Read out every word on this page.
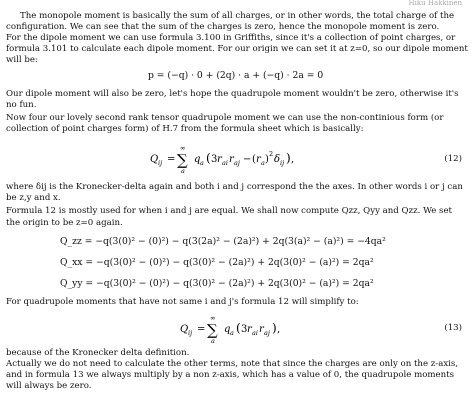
Hiku Hakkinen
The monopole moment is basically the sum of all charges, or in other words, the total charge of the
configuration. We can see that the sum of the charges is zero, hence the monopole moment is zero.
For the dipole moment we can use formula 3.100 in Griffiths, since it's a collection of point charges, or
formula 3.101 to calculate each dipole moment. For our origin we can set it at z=0, so our dipole moment
will be:
p = (−q) · 0 + (2q) · a + (−q) · 2a = 0
Our dipole moment will also be zero, let's hope the quadrupole moment wouldn't be zero, otherwise it's
no fun.
Now four our lovely second rank tensor quadrupole moment we can use the non-continious form (or
collection of point charges form) of H.7 from the formula sheet which is basically:
Q ij =
∞
∑
a
q a ( 3 r ai r aj − ( r a ) 2 δ ij ) ,	(12)
where δij is the Kronecker-delta again and both i and j correspond the the axes. In other words i or j can
be z,y and x.
Formula 12 is mostly used for when i and j are equal. We shall now compute Qzz, Qyy and Qzz. We set
the origin to be z=0 again.
Q_zz = −q(3(0)² − (0)²) − q(3(2a)² − (2a)²) + 2q(3(a)² − (a)²) = −4qa²
Q_xx = −q(3(0)² − (0)²) − q(3(0)² − (2a)²) + 2q(3(0)² − (a)²) = 2qa²
Q_yy = −q(3(0)² − (0)²) − q(3(0)² − (2a)²) + 2q(3(0)² − (a)²) = 2qa²
For quadrupole moments that have not same i and j's formula 12 will simplify to:
Q ij =
∞
∑
a
q a ( 3 r ai r aj ) ,	(13)
because of the Kronecker delta definition.
Actually we do not need to calculate the other terms, note that since the charges are only on the z-axis,
and in formula 13 we always multiply by a non z-axis, which has a value of 0, the quadrupole moments
will always be zero.
